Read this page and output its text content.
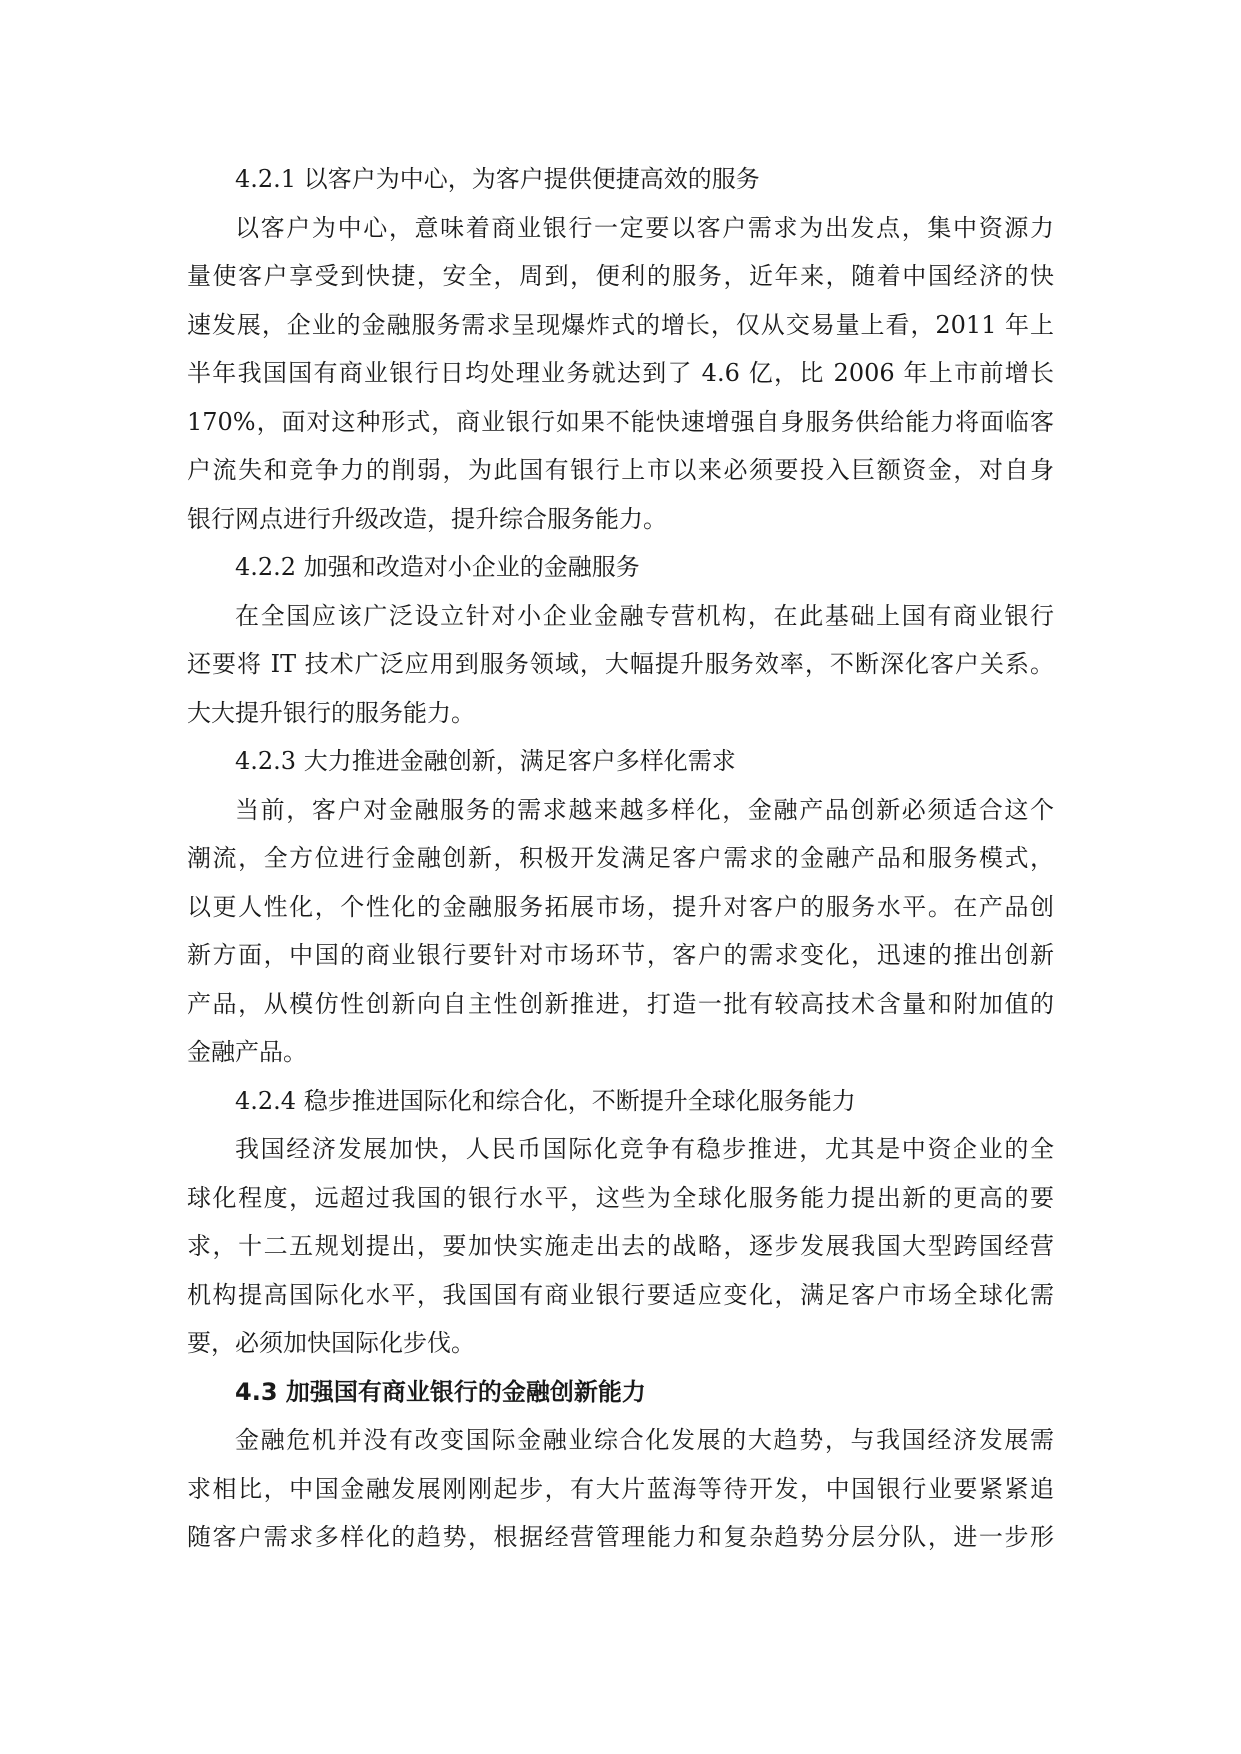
4.2.1 以客户为中心，为客户提供便捷高效的服务
以客户为中心，意味着商业银行一定要以客户需求为出发点，集中资源力
量使客户享受到快捷，安全，周到，便利的服务，近年来，随着中国经济的快
速发展，企业的金融服务需求呈现爆炸式的增长，仅从交易量上看，2011 年上
半年我国国有商业银行日均处理业务就达到了 4.6 亿，比 2006 年上市前增长
170%，面对这种形式，商业银行如果不能快速增强自身服务供给能力将面临客
户流失和竞争力的削弱，为此国有银行上市以来必须要投入巨额资金，对自身
银行网点进行升级改造，提升综合服务能力。
4.2.2 加强和改造对小企业的金融服务
在全国应该广泛设立针对小企业金融专营机构，在此基础上国有商业银行
还要将 IT 技术广泛应用到服务领域，大幅提升服务效率，不断深化客户关系。
大大提升银行的服务能力。
4.2.3 大力推进金融创新，满足客户多样化需求
当前，客户对金融服务的需求越来越多样化，金融产品创新必须适合这个
潮流，全方位进行金融创新，积极开发满足客户需求的金融产品和服务模式，
以更人性化，个性化的金融服务拓展市场，提升对客户的服务水平。在产品创
新方面，中国的商业银行要针对市场环节，客户的需求变化，迅速的推出创新
产品，从模仿性创新向自主性创新推进，打造一批有较高技术含量和附加值的
金融产品。
4.2.4 稳步推进国际化和综合化，不断提升全球化服务能力
我国经济发展加快，人民币国际化竞争有稳步推进，尤其是中资企业的全
球化程度，远超过我国的银行水平，这些为全球化服务能力提出新的更高的要
求，十二五规划提出，要加快实施走出去的战略，逐步发展我国大型跨国经营
机构提高国际化水平，我国国有商业银行要适应变化，满足客户市场全球化需
要，必须加快国际化步伐。
4.3 加强国有商业银行的金融创新能力
金融危机并没有改变国际金融业综合化发展的大趋势，与我国经济发展需
求相比，中国金融发展刚刚起步，有大片蓝海等待开发，中国银行业要紧紧追
随客户需求多样化的趋势，根据经营管理能力和复杂趋势分层分队，进一步形
